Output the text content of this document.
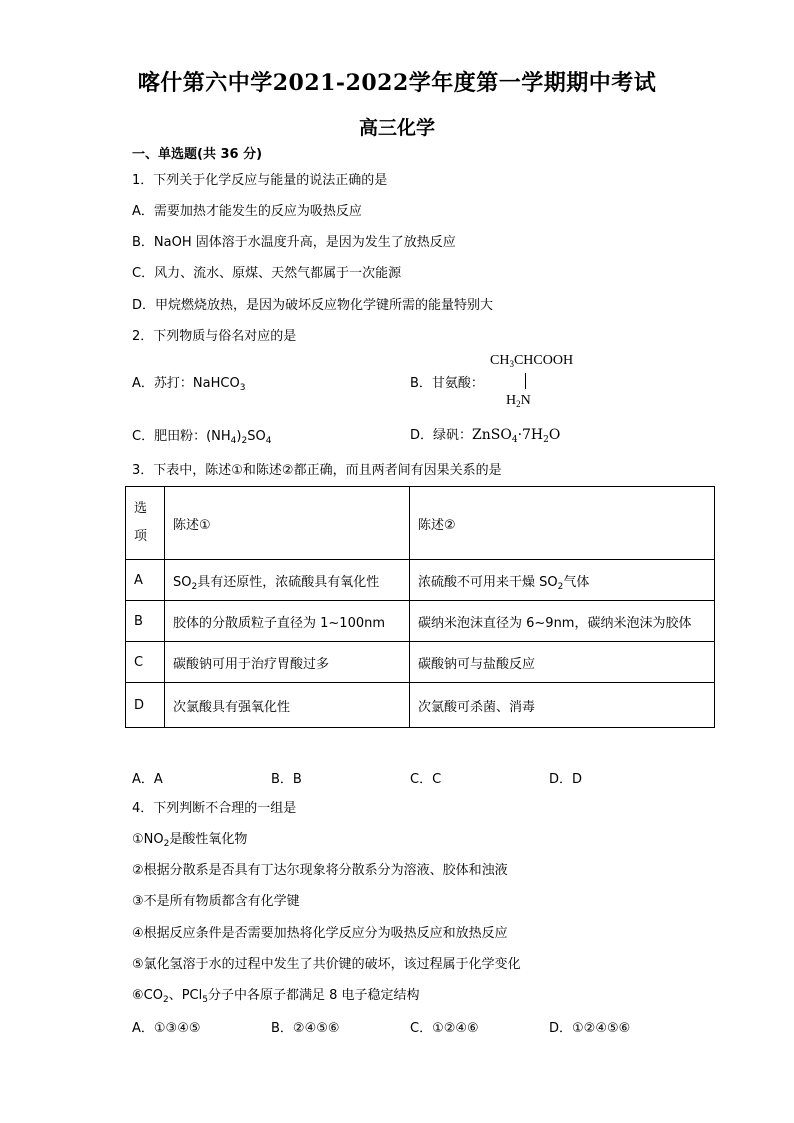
喀什第六中学2021-2022学年度第一学期期中考试
高三化学
一、单选题(共 36 分)
1．下列关于化学反应与能量的说法正确的是
A．需要加热才能发生的反应为吸热反应
B．NaOH 固体溶于水温度升高，是因为发生了放热反应
C．风力、流水、原煤、天然气都属于一次能源
D．甲烷燃烧放热，是因为破坏反应物化学键所需的能量特别大
2．下列物质与俗名对应的是
A．苏打：NaHCO$_3$	B．甘氨酸：
$CH_3CHCOOH$
$H_2N$
C．肥田粉：$(NH_4)_2SO_4$	D．绿矾：$ZnSO_4\cdot 7H_2O$
3．下表中，陈述①和陈述②都正确，而且两者间有因果关系的是
选
项	陈述①	陈述②
A	$SO_2$具有还原性，浓硫酸具有氧化性	浓硫酸不可用来干燥 $SO_2$气体
B	胶体的分散质粒子直径为 1~100nm	碳纳米泡沫直径为 6~9nm，碳纳米泡沫为胶体
C	碳酸钠可用于治疗胃酸过多	碳酸钠可与盐酸反应
D	次氯酸具有强氧化性	次氯酸可杀菌、消毒
A．A	B．B	C．C	D．D
4．下列判断不合理的一组是
$①NO_2$是酸性氧化物
②根据分散系是否具有丁达尔现象将分散系分为溶液、胶体和浊液
③不是所有物质都含有化学键
④根据反应条件是否需要加热将化学反应分为吸热反应和放热反应
⑤氯化氢溶于水的过程中发生了共价键的破坏，该过程属于化学变化
$⑥CO_2$、PCl$_5$分子中各原子都满足 8 电子稳定结构
A．①③④⑤	B．②④⑤⑥	C．①②④⑥	D．①②④⑤⑥
